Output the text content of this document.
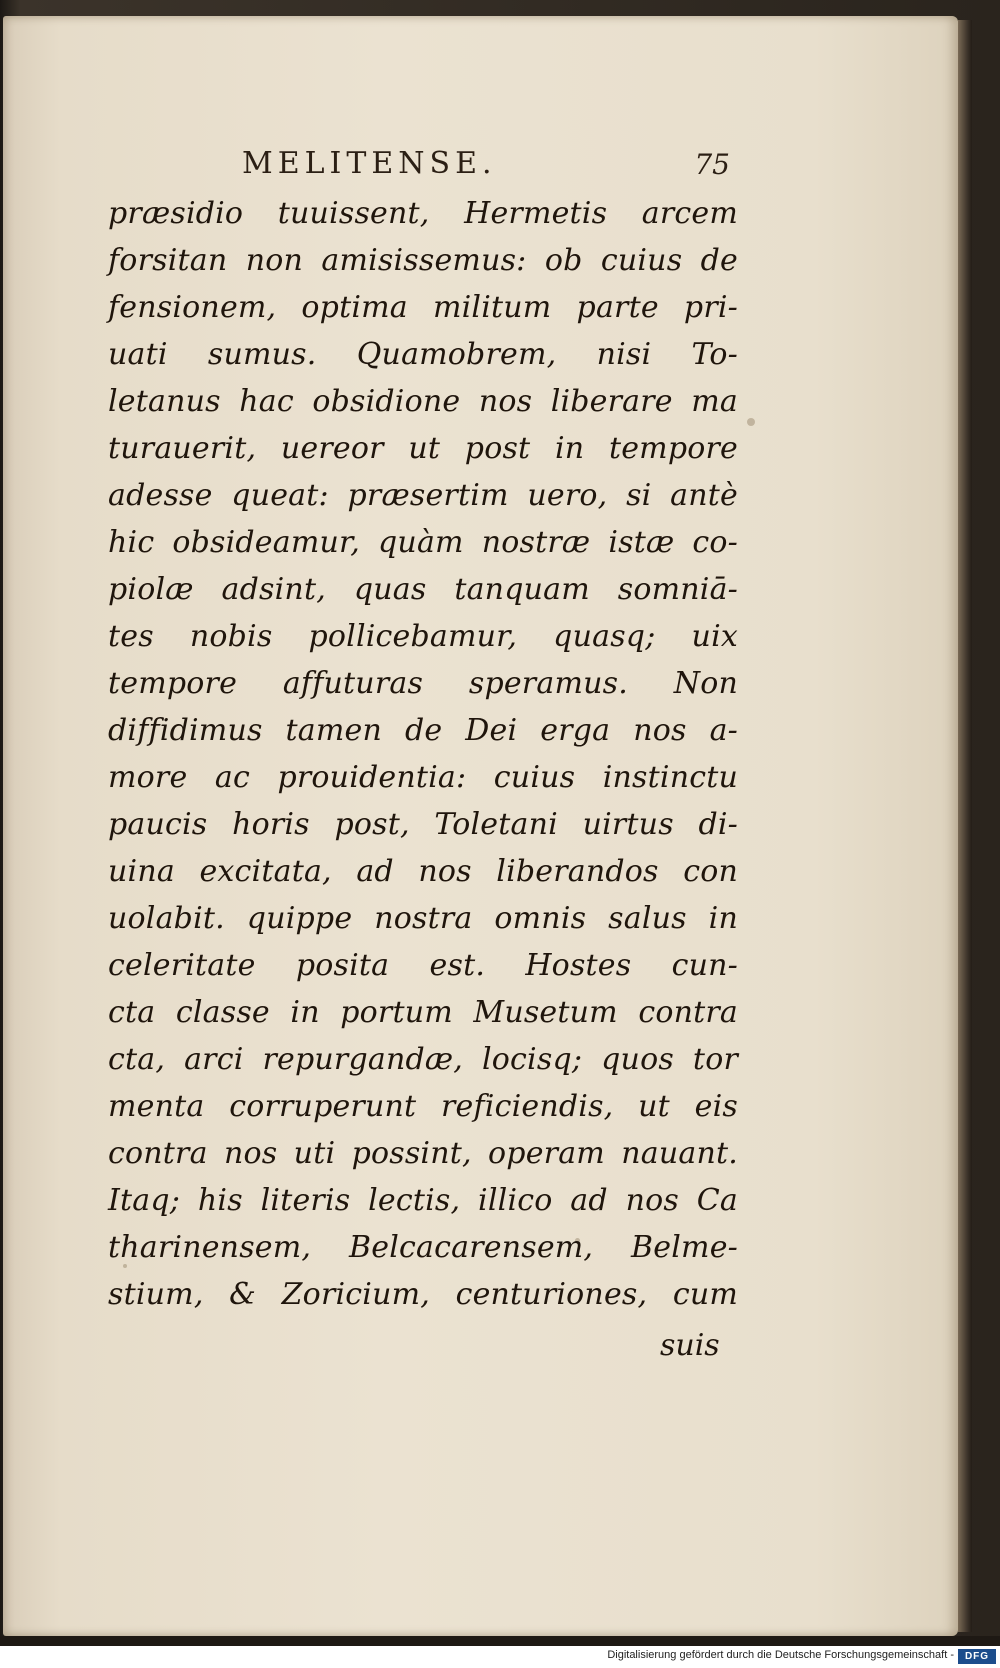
MELITENSE.	75
præsidio tuuissent, Hermetis arcem
forsitan non amisissemus: ob cuius de
fensionem, optima militum parte pri-
uati sumus. Quamobrem, nisi To-
letanus hac obsidione nos liberare ma
turauerit, uereor ut post in tempore
adesse queat: præsertim uero, si antè
hic obsideamur, quàm nostræ istæ co-
piolæ adsint, quas tanquam somniā-
tes nobis pollicebamur, quasq; uix
tempore affuturas speramus. Non
diffidimus tamen de Dei erga nos a-
more ac prouidentia: cuius instinctu
paucis horis post, Toletani uirtus di-
uina excitata, ad nos liberandos con
uolabit. quippe nostra omnis salus in
celeritate posita est. Hostes cun-
cta classe in portum Musetum contra
cta, arci repurgandæ, locisq; quos tor
menta corruperunt reficiendis, ut eis
contra nos uti possint, operam nauant.
Itaq; his literis lectis, illico ad nos Ca
tharinensem, Belcacarensem, Belme-
stium, & Zoricium, centuriones, cum
suis
Digitalisierung gefördert durch die Deutsche Forschungsgemeinschaft -	DFG
